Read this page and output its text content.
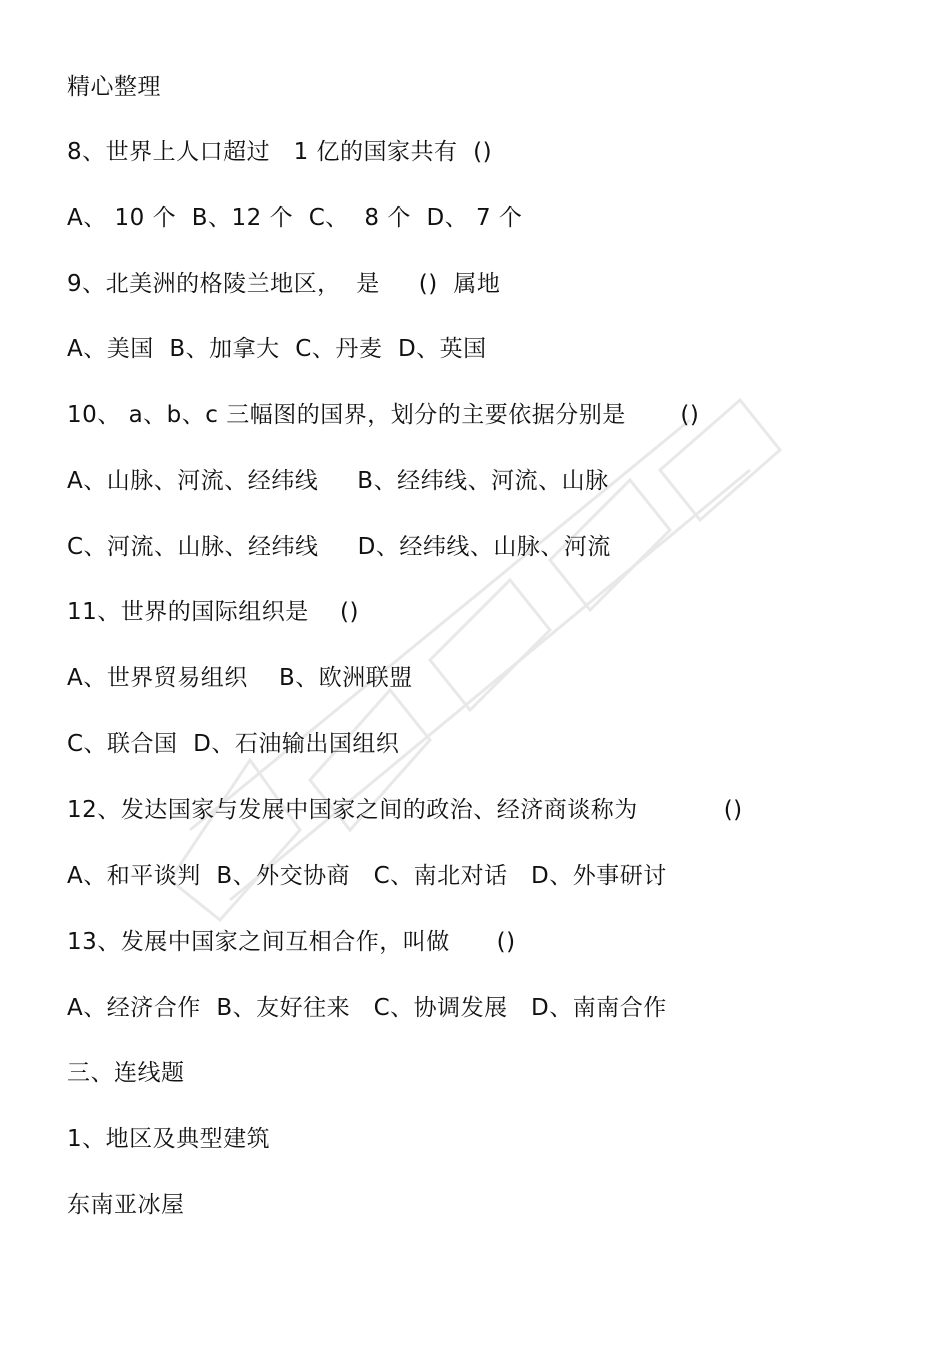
精心整理
8、世界上人口超过   1 亿的国家共有  ()
A、 10 个  B、12 个  C、  8 个  D、 7 个
9、北美洲的格陵兰地区，  是     ()  属地
A、美国  B、加拿大  C、丹麦  D、英国
10、 a、b、c 三幅图的国界，划分的主要依据分别是       ()
A、山脉、河流、经纬线     B、经纬线、河流、山脉
C、河流、山脉、经纬线     D、经纬线、山脉、河流
11、世界的国际组织是    ()
A、世界贸易组织    B、欧洲联盟
C、联合国  D、石油输出国组织
12、发达国家与发展中国家之间的政治、经济商谈称为           ()
A、和平谈判  B、外交协商   C、南北对话   D、外事研讨
13、发展中国家之间互相合作，叫做      ()
A、经济合作  B、友好往来   C、协调发展   D、南南合作
三、连线题
1、地区及典型建筑
东南亚冰屋
